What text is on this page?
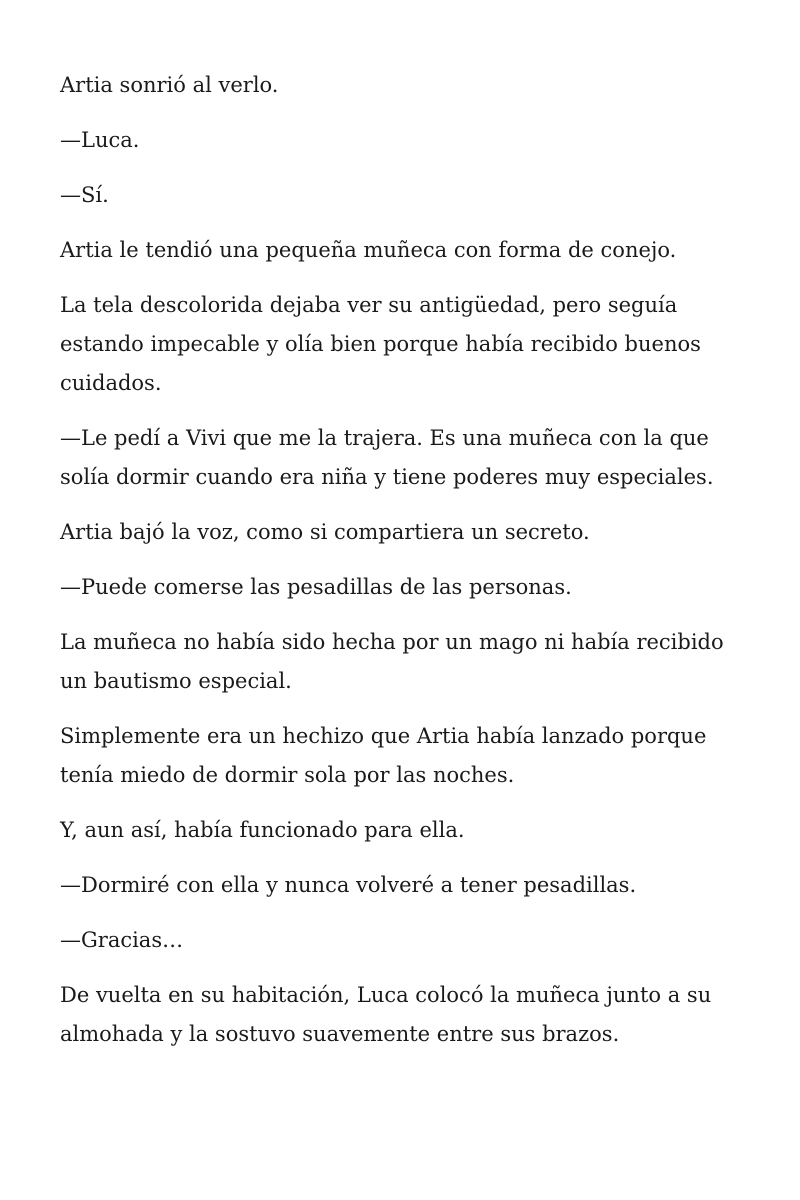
Artia sonrió al verlo.

—Luca.

—Sí.

Artia le tendió una pequeña muñeca con forma de conejo.

La tela descolorida dejaba ver su antigüedad, pero seguía estando impecable y olía bien porque había recibido buenos cuidados.

—Le pedí a Vivi que me la trajera. Es una muñeca con la que solía dormir cuando era niña y tiene poderes muy especiales.

Artia bajó la voz, como si compartiera un secreto.

—Puede comerse las pesadillas de las personas.

La muñeca no había sido hecha por un mago ni había recibido un bautismo especial.

Simplemente era un hechizo que Artia había lanzado porque tenía miedo de dormir sola por las noches.

Y, aun así, había funcionado para ella.

—Dormiré con ella y nunca volveré a tener pesadillas.

—Gracias…

De vuelta en su habitación, Luca colocó la muñeca junto a su almohada y la sostuvo suavemente entre sus brazos.
